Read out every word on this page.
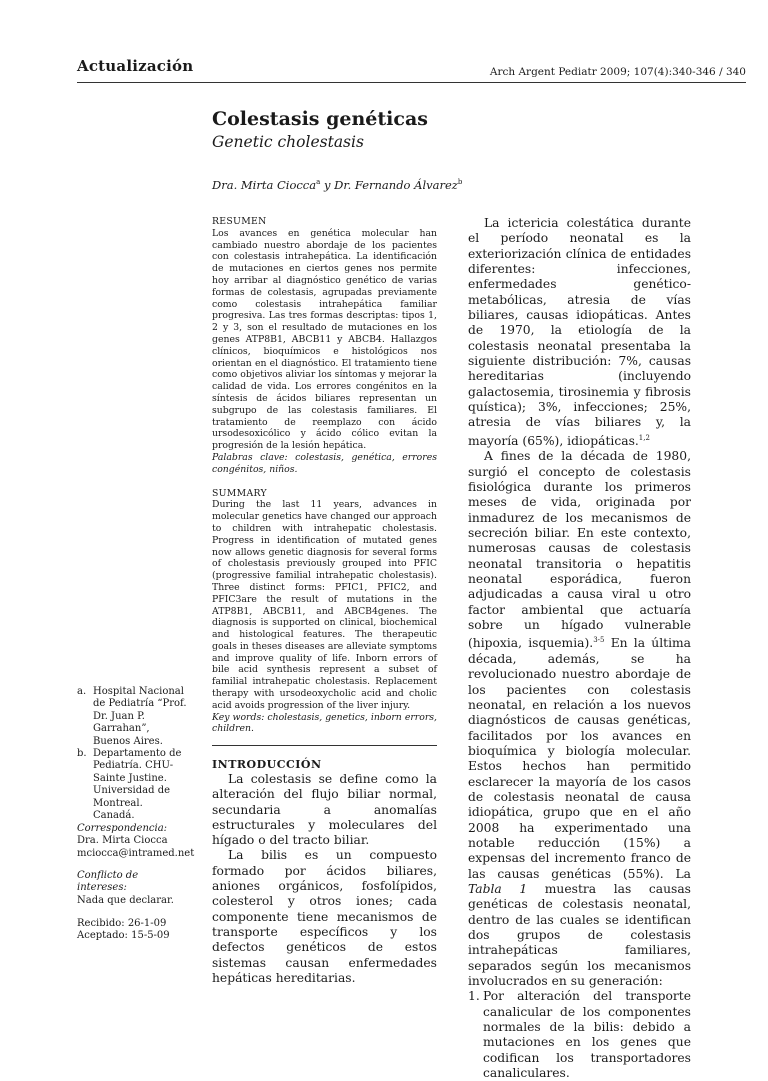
Actualización	Arch Argent Pediatr 2009; 107(4):340-346 / 340
Colestasis genéticas
Genetic cholestasis
Dra. Mirta Ciocca$^a$ y Dr. Fernando Álvarez$^b$

RESUMEN

Los avances en genética molecular han cambiado nuestro abordaje de los pacientes con colestasis intrahepática. La identificación de mutaciones en ciertos genes nos permite hoy arribar al diagnóstico genético de varias formas de colestasis, agrupadas previamente como colestasis intrahepática familiar progresiva. Las tres formas descriptas: tipos 1, 2 y 3, son el resultado de mutaciones en los genes ATP8B1, ABCB11 y ABCB4. Hallazgos clínicos, bioquímicos e histológicos nos orientan en el diagnóstico. El tratamiento tiene como objetivos aliviar los síntomas y mejorar la calidad de vida. Los errores congénitos en la síntesis de ácidos biliares representan un subgrupo de las colestasis familiares. El tratamiento de reemplazo con ácido ursodesoxicólico y ácido cólico evitan la progresión de la lesión hepática.

Palabras clave: colestasis, genética, errores congénitos, niños.

SUMMARY

During the last 11 years, advances in molecular genetics have changed our approach to children with intrahepatic cholestasis. Progress in identification of mutated genes now allows genetic diagnosis for several forms of cholestasis previously grouped into PFIC (progressive familial intrahepatic cholestasis). Three distinct forms: PFIC1, PFIC2, and PFIC3are the result of mutations in the ATP8B1, ABCB11, and ABCB4genes. The diagnosis is supported on clinical, biochemical and histological features. The therapeutic goals in theses diseases are alleviate symptoms and improve quality of life. Inborn errors of bile acid synthesis represent a subset of familial intrahepatic cholestasis. Replacement therapy with ursodeoxycholic acid and cholic acid avoids progression of the liver injury.

Key words: cholestasis, genetics, inborn errors, children.

INTRODUCCIÓN

La colestasis se define como la alteración del flujo biliar normal, secundaria a anomalías estructurales y moleculares del hígado o del tracto biliar.

La bilis es un compuesto formado por ácidos biliares, aniones orgánicos, fosfolípidos, colesterol y otros iones; cada componente tiene mecanismos de transporte específicos y los defectos genéticos de estos sistemas causan enfermedades hepáticas hereditarias.

a. Hospital Nacional de Pediatría “Prof. Dr. Juan P. Garrahan”, Buenos Aires.
b. Departamento de Pediatría. CHU-Sainte Justine. Universidad de Montreal. Canadá.
Correspondencia:
Dra. Mirta Ciocca
mciocca@intramed.net
Conflicto de intereses:
Nada que declarar.
Recibido: 26-1-09
Aceptado: 15-5-09

La ictericia colestática durante el período neonatal es la exteriorización clínica de entidades diferentes: infecciones, enfermedades genético-metabólicas, atresia de vías biliares, causas idiopáticas. Antes de 1970, la etiología de la colestasis neonatal presentaba la siguiente distribución: 7%, causas hereditarias (incluyendo galactosemia, tirosinemia y fibrosis quística); 3%, infecciones; 25%, atresia de vías biliares y, la mayoría (65%), idiopáticas.$^{1,2}$

A fines de la década de 1980, surgió el concepto de colestasis fisiológica durante los primeros meses de vida, originada por inmadurez de los mecanismos de secreción biliar. En este contexto, numerosas causas de colestasis neonatal transitoria o hepatitis neonatal esporádica, fueron adjudicadas a causa viral u otro factor ambiental que actuaría sobre un hígado vulnerable (hipoxia, isquemia).$^{3-5}$ En la última década, además, se ha revolucionado nuestro abordaje de los pacientes con colestasis neonatal, en relación a los nuevos diagnósticos de causas genéticas, facilitados por los avances en bioquímica y biología molecular. Estos hechos han permitido esclarecer la mayoría de los casos de colestasis neonatal de causa idiopática, grupo que en el año 2008 ha experimentado una notable reducción (15%) a expensas del incremento franco de las causas genéticas (55%). La Tabla 1 muestra las causas genéticas de colestasis neonatal, dentro de las cuales se identifican dos grupos de colestasis intrahepáticas familiares, separados según los mecanismos involucrados en su generación:

1. Por alteración del transporte canalicular de los componentes normales de la bilis: debido a mutaciones en los genes que codifican los transportadores canaliculares.
